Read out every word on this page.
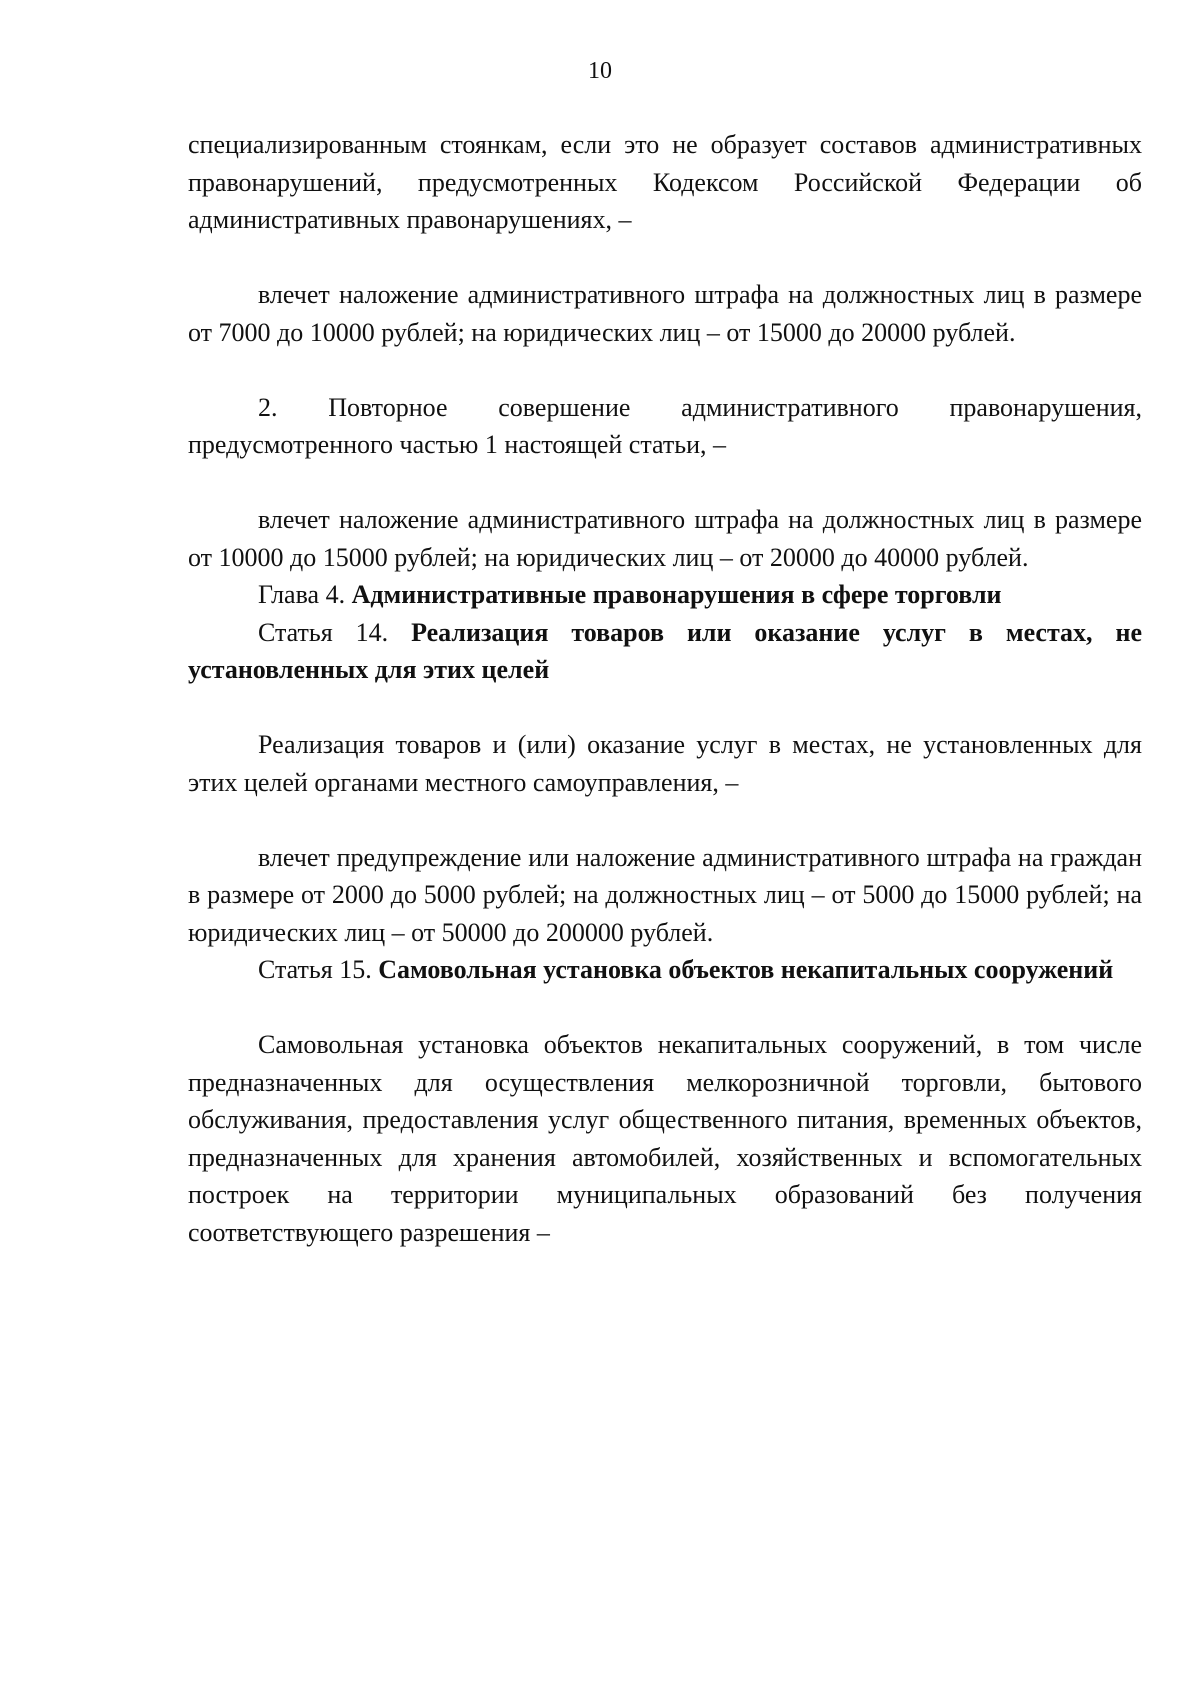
10

специализированным стоянкам, если это не образует составов административных правонарушений, предусмотренных Кодексом Российской Федерации об административных правонарушениях, –

влечет наложение административного штрафа на должностных лиц в размере от 7000 до 10000 рублей; на юридических лиц – от 15000 до 20000 рублей.

2. Повторное совершение административного правонарушения, предусмотренного частью 1 настоящей статьи, –

влечет наложение административного штрафа на должностных лиц в размере от 10000 до 15000 рублей; на юридических лиц – от 20000 до 40000 рублей.

Глава 4. Административные правонарушения в сфере торговли

Статья 14. Реализация товаров или оказание услуг в местах, не установленных для этих целей

Реализация товаров и (или) оказание услуг в местах, не установленных для этих целей органами местного самоуправления, –

влечет предупреждение или наложение административного штрафа на граждан в размере от 2000 до 5000 рублей; на должностных лиц – от 5000 до 15000 рублей; на юридических лиц – от 50000 до 200000 рублей.

Статья 15. Самовольная установка объектов некапитальных сооружений

Самовольная установка объектов некапитальных сооружений, в том числе предназначенных для осуществления мелкорозничной торговли, бытового обслуживания, предоставления услуг общественного питания, временных объектов, предназначенных для хранения автомобилей, хозяйственных и вспомогательных построек на территории муниципальных образований без получения соответствующего разрешения –
